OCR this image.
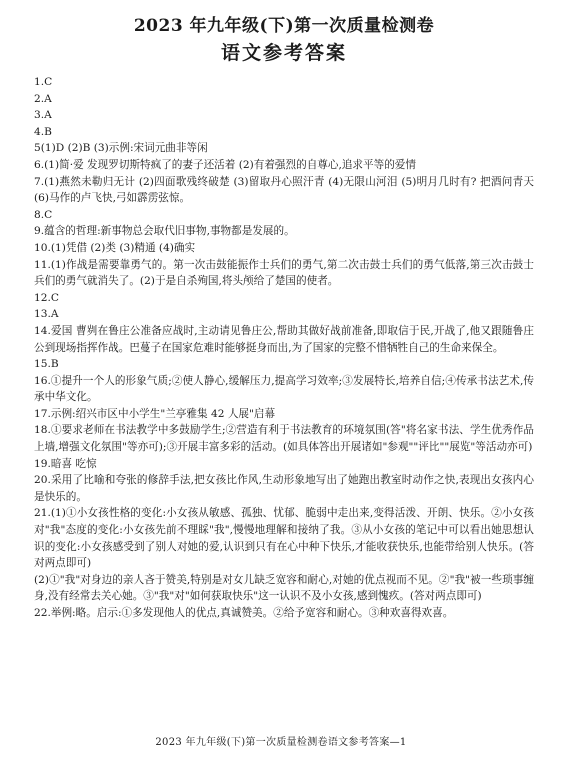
2023 年九年级(下)第一次质量检测卷
语文参考答案

1.C

2.A

3.A

4.B

5(1)D (2)B (3)示例:宋词元曲非等闲

6.(1)简·爱 发现罗切斯特疯了的妻子还活着 (2)有着强烈的自尊心,追求平等的爱情

7.(1)燕然未勒归无计 (2)四面歌残终破楚 (3)留取丹心照汗青 (4)无限山河泪 (5)明月几时有? 把酒问青天 (6)马作的卢飞快,弓如霹雳弦惊。

8.C

9.蕴含的哲理:新事物总会取代旧事物,事物都是发展的。

10.(1)凭借 (2)类 (3)精通 (4)确实

11.(1)作战是需要靠勇气的。第一次击鼓能振作士兵们的勇气,第二次击鼓士兵们的勇气低落,第三次击鼓士兵们的勇气就消失了。(2)于是自杀殉国,将头颅给了楚国的使者。

12.C

13.A

14.爱国 曹刿在鲁庄公准备应战时,主动请见鲁庄公,帮助其做好战前准备,即取信于民,开战了,他又跟随鲁庄公到现场指挥作战。巴蔓子在国家危难时能够挺身而出,为了国家的完整不惜牺牲自己的生命来保全。

15.B

16.①提升一个人的形象气质;②使人静心,缓解压力,提高学习效率;③发展特长,培养自信;④传承书法艺术,传承中华文化。

17.示例:绍兴市区中小学生"兰亭雅集 42 人展"启幕

18.①要求老师在书法教学中多鼓励学生;②营造有利于书法教育的环境氛围(答"将名家书法、学生优秀作品上墙,增强文化氛围"等亦可);③开展丰富多彩的活动。(如具体答出开展诸如"参观""评比""展览"等活动亦可)

19.暗喜 吃惊

20.采用了比喻和夸张的修辞手法,把女孩比作风,生动形象地写出了她跑出教室时动作之快,表现出女孩内心是快乐的。

21.(1)①小女孩性格的变化:小女孩从敏感、孤独、忧郁、脆弱中走出来,变得活泼、开朗、快乐。②小女孩对"我"态度的变化:小女孩先前不理睬"我",慢慢地理解和接纳了我。③从小女孩的笔记中可以看出她思想认识的变化:小女孩感受到了别人对她的爱,认识到只有在心中种下快乐,才能收获快乐,也能带给别人快乐。(答对两点即可)

(2)①"我"对身边的亲人吝于赞美,特别是对女儿缺乏宽容和耐心,对她的优点视而不见。②"我"被一些琐事缠身,没有经常去关心她。③"我"对"如何获取快乐"这一认识不及小女孩,感到愧疚。(答对两点即可)

22.举例:略。启示:①多发现他人的优点,真诚赞美。②给予宽容和耐心。③种欢喜得欢喜。

2023 年九年级(下)第一次质量检测卷语文参考答案—1
